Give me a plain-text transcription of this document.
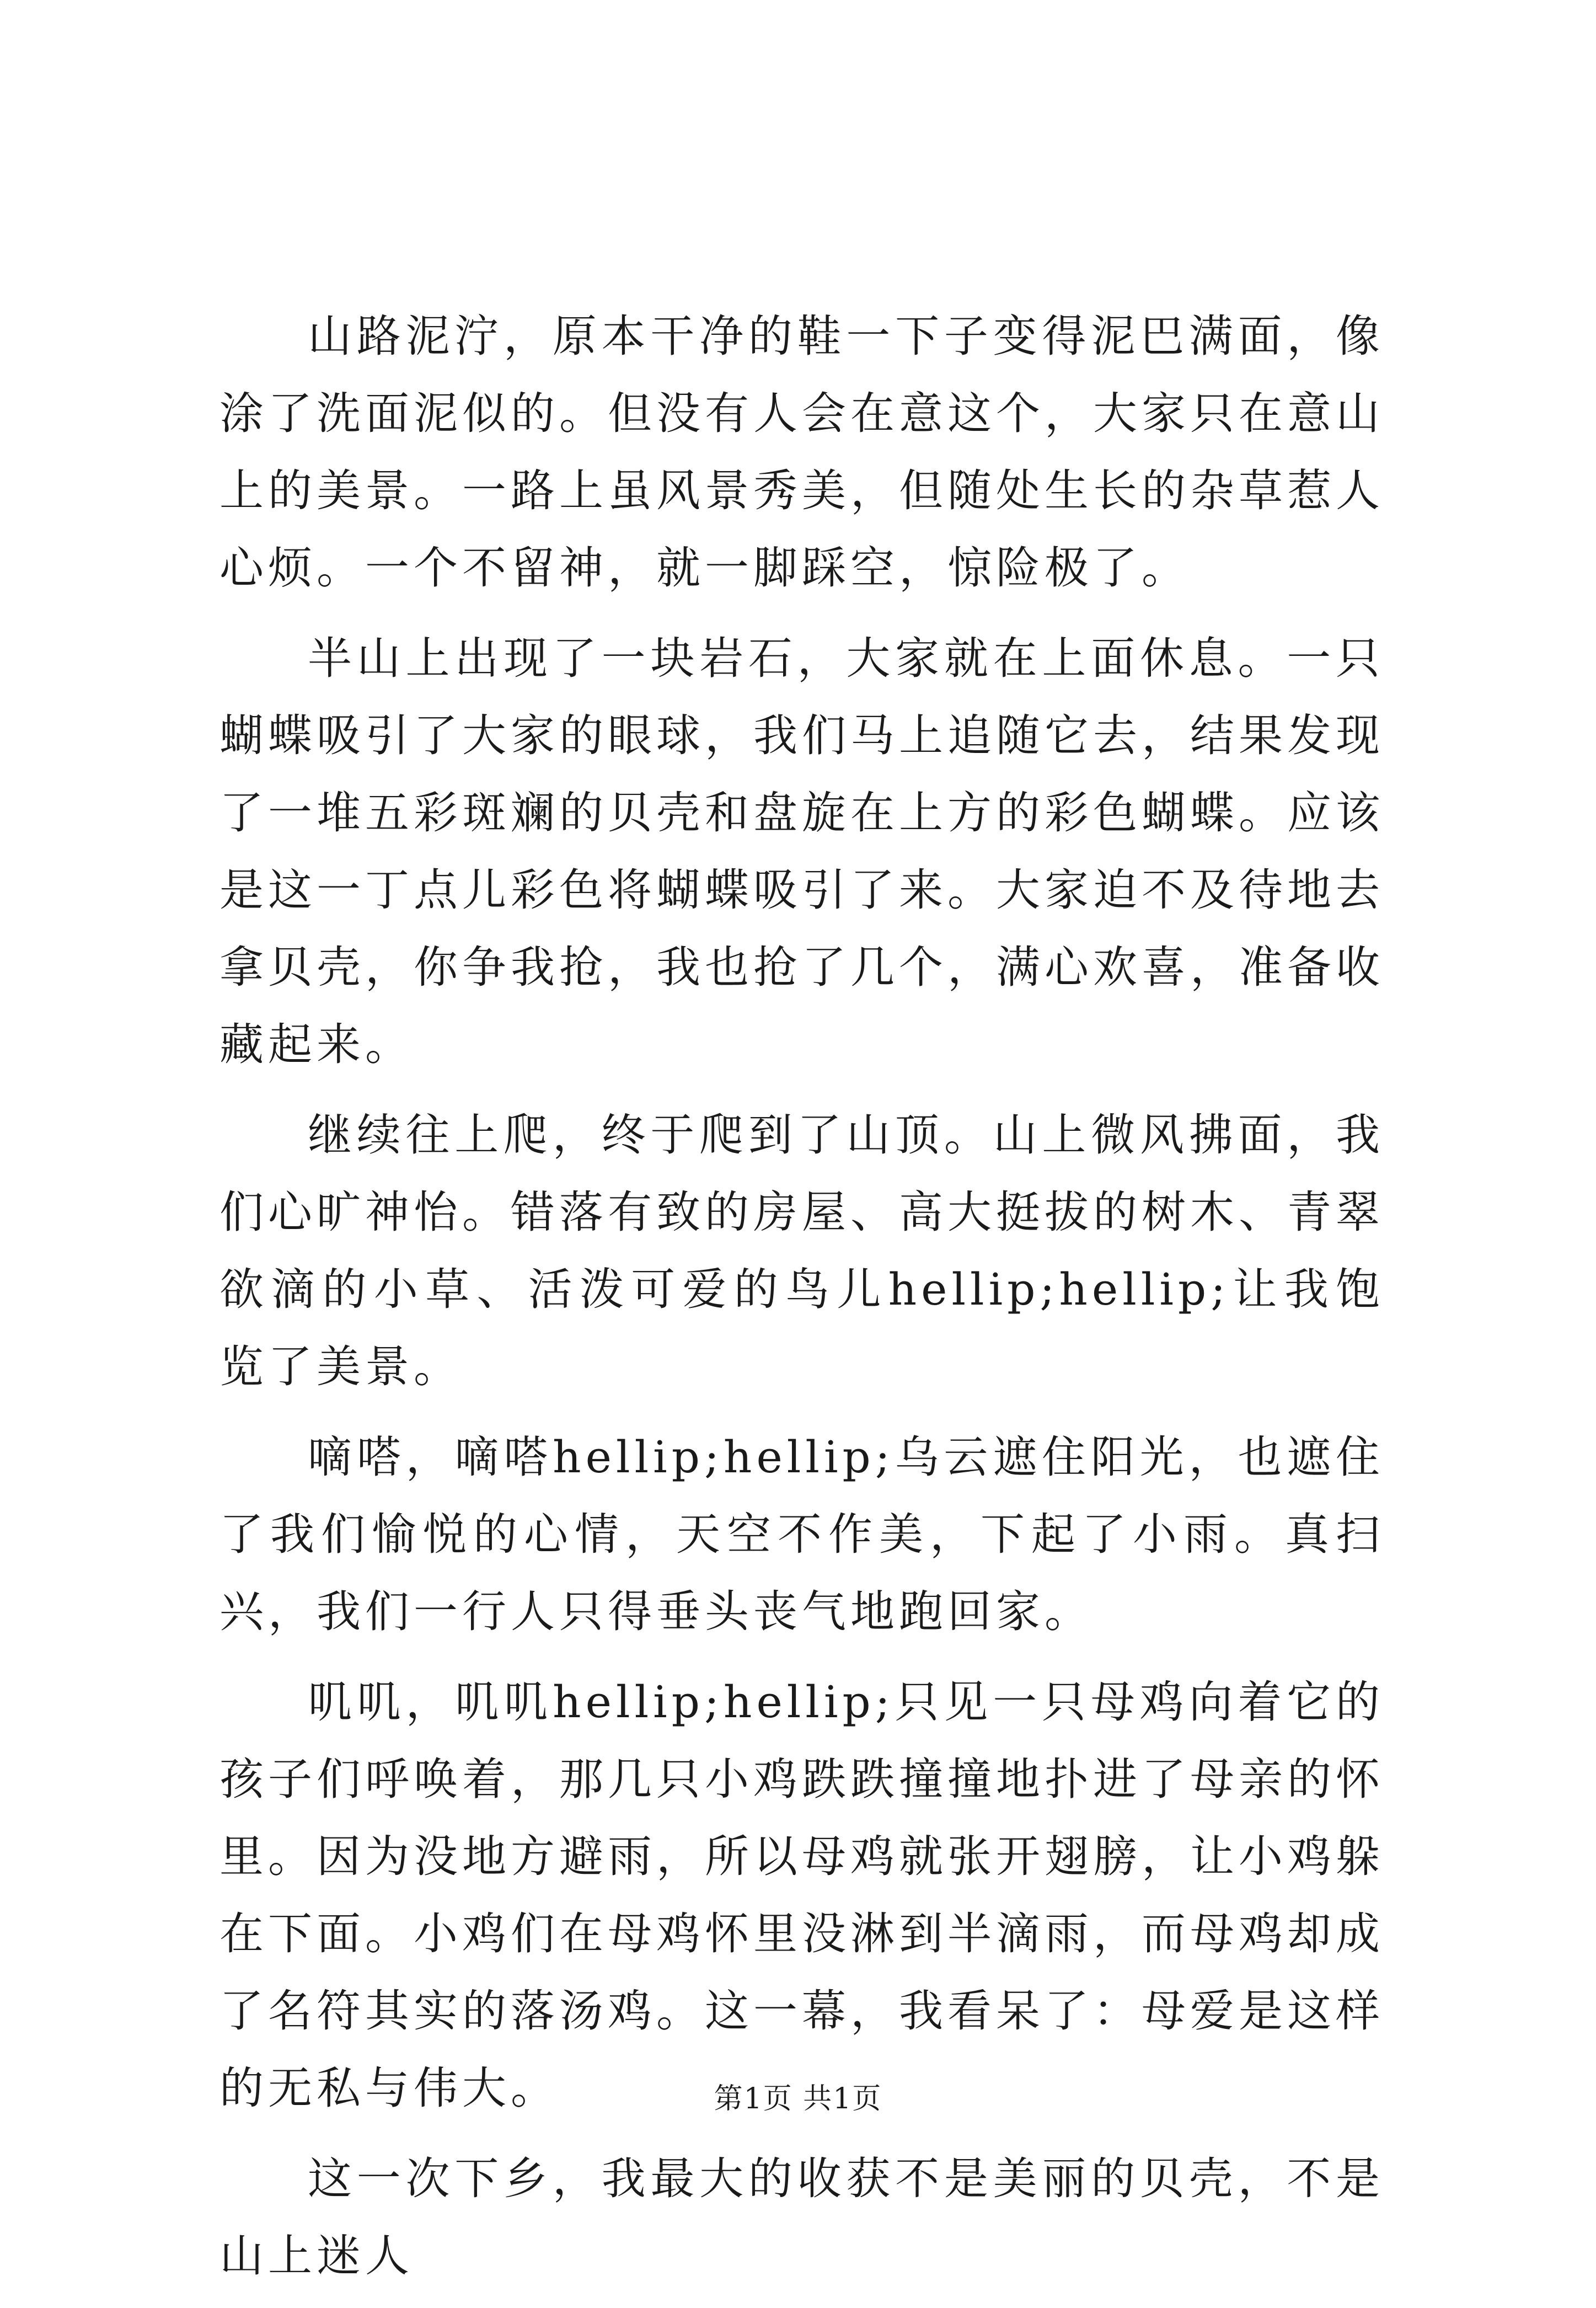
山路泥泞，原本干净的鞋一下子变得泥巴满面，像涂了洗面泥似的。但没有人会在意这个，大家只在意山上的美景。一路上虽风景秀美，但随处生长的杂草惹人心烦。一个不留神，就一脚踩空，惊险极了。

半山上出现了一块岩石，大家就在上面休息。一只蝴蝶吸引了大家的眼球，我们马上追随它去，结果发现了一堆五彩斑斓的贝壳和盘旋在上方的彩色蝴蝶。应该是这一丁点儿彩色将蝴蝶吸引了来。大家迫不及待地去拿贝壳，你争我抢，我也抢了几个，满心欢喜，准备收藏起来。

继续往上爬，终于爬到了山顶。山上微风拂面，我们心旷神怡。错落有致的房屋、高大挺拔的树木、青翠欲滴的小草、活泼可爱的鸟儿hellip;hellip;让我饱览了美景。

嘀嗒，嘀嗒hellip;hellip;乌云遮住阳光，也遮住了我们愉悦的心情，天空不作美，下起了小雨。真扫兴，我们一行人只得垂头丧气地跑回家。

叽叽，叽叽hellip;hellip;只见一只母鸡向着它的孩子们呼唤着，那几只小鸡跌跌撞撞地扑进了母亲的怀里。因为没地方避雨，所以母鸡就张开翅膀，让小鸡躲在下面。小鸡们在母鸡怀里没淋到半滴雨，而母鸡却成了名符其实的落汤鸡。这一幕，我看呆了：母爱是这样的无私与伟大。

这一次下乡，我最大的收获不是美丽的贝壳，不是山上迷人

第1页 共1页
